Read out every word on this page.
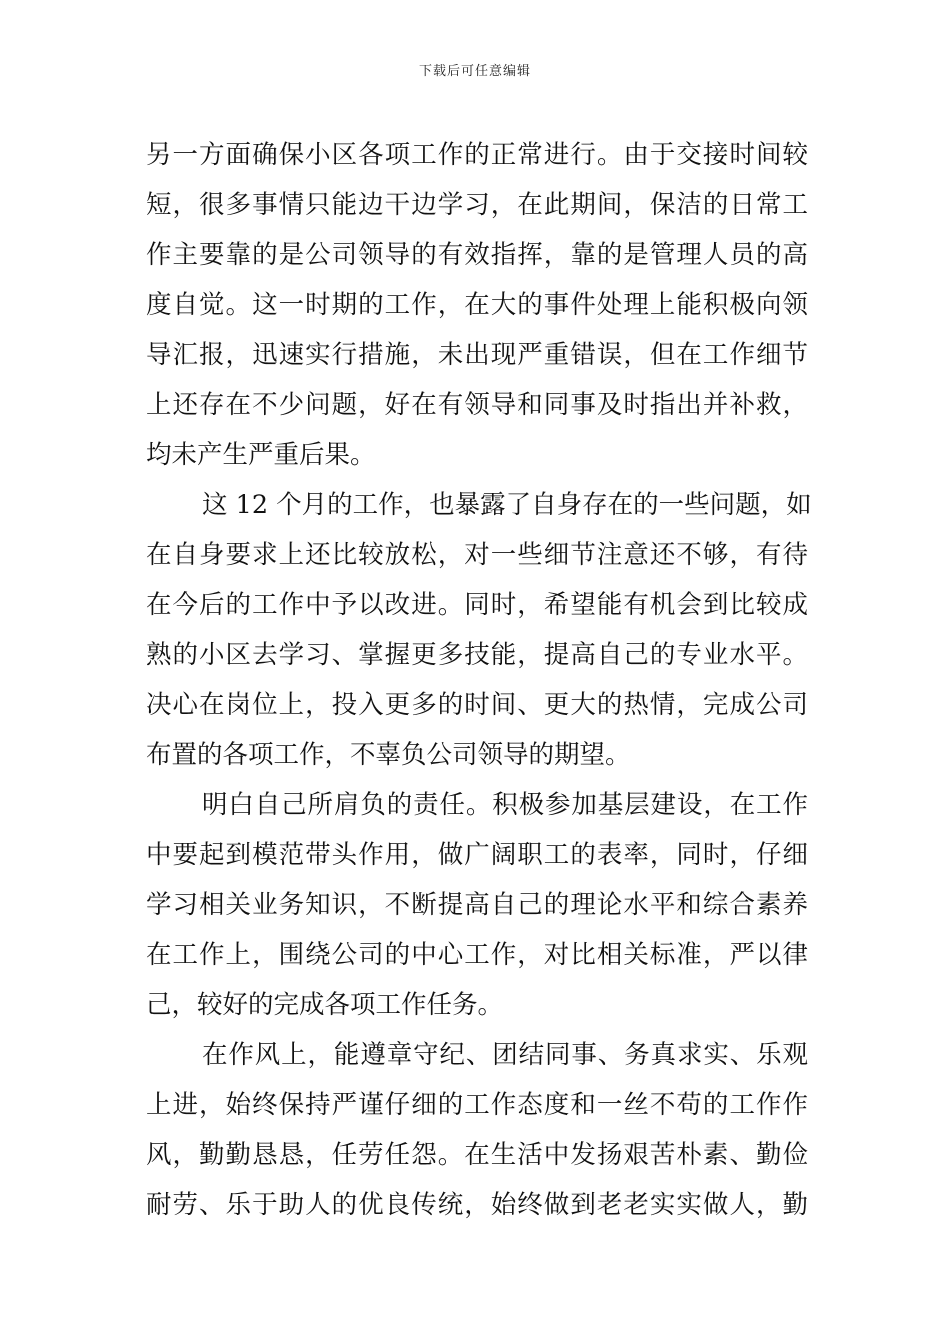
下载后可任意编辑
另一方面确保小区各项工作的正常进行。由于交接时间较
短，很多事情只能边干边学习，在此期间，保洁的日常工
作主要靠的是公司领导的有效指挥，靠的是管理人员的高
度自觉。这一时期的工作，在大的事件处理上能积极向领
导汇报，迅速实行措施，未出现严重错误，但在工作细节
上还存在不少问题，好在有领导和同事及时指出并补救，
均未产生严重后果。
这 12 个月的工作，也暴露了自身存在的一些问题，如
在自身要求上还比较放松，对一些细节注意还不够，有待
在今后的工作中予以改进。同时，希望能有机会到比较成
熟的小区去学习、掌握更多技能，提高自己的专业水平。
决心在岗位上，投入更多的时间、更大的热情，完成公司
布置的各项工作，不辜负公司领导的期望。
明白自己所肩负的责任。积极参加基层建设，在工作
中要起到模范带头作用，做广阔职工的表率，同时，仔细
学习相关业务知识，不断提高自己的理论水平和综合素养
在工作上，围绕公司的中心工作，对比相关标准，严以律
己，较好的完成各项工作任务。
在作风上，能遵章守纪、团结同事、务真求实、乐观
上进，始终保持严谨仔细的工作态度和一丝不苟的工作作
风，勤勤恳恳，任劳任怨。在生活中发扬艰苦朴素、勤俭
耐劳、乐于助人的优良传统，始终做到老老实实做人，勤
